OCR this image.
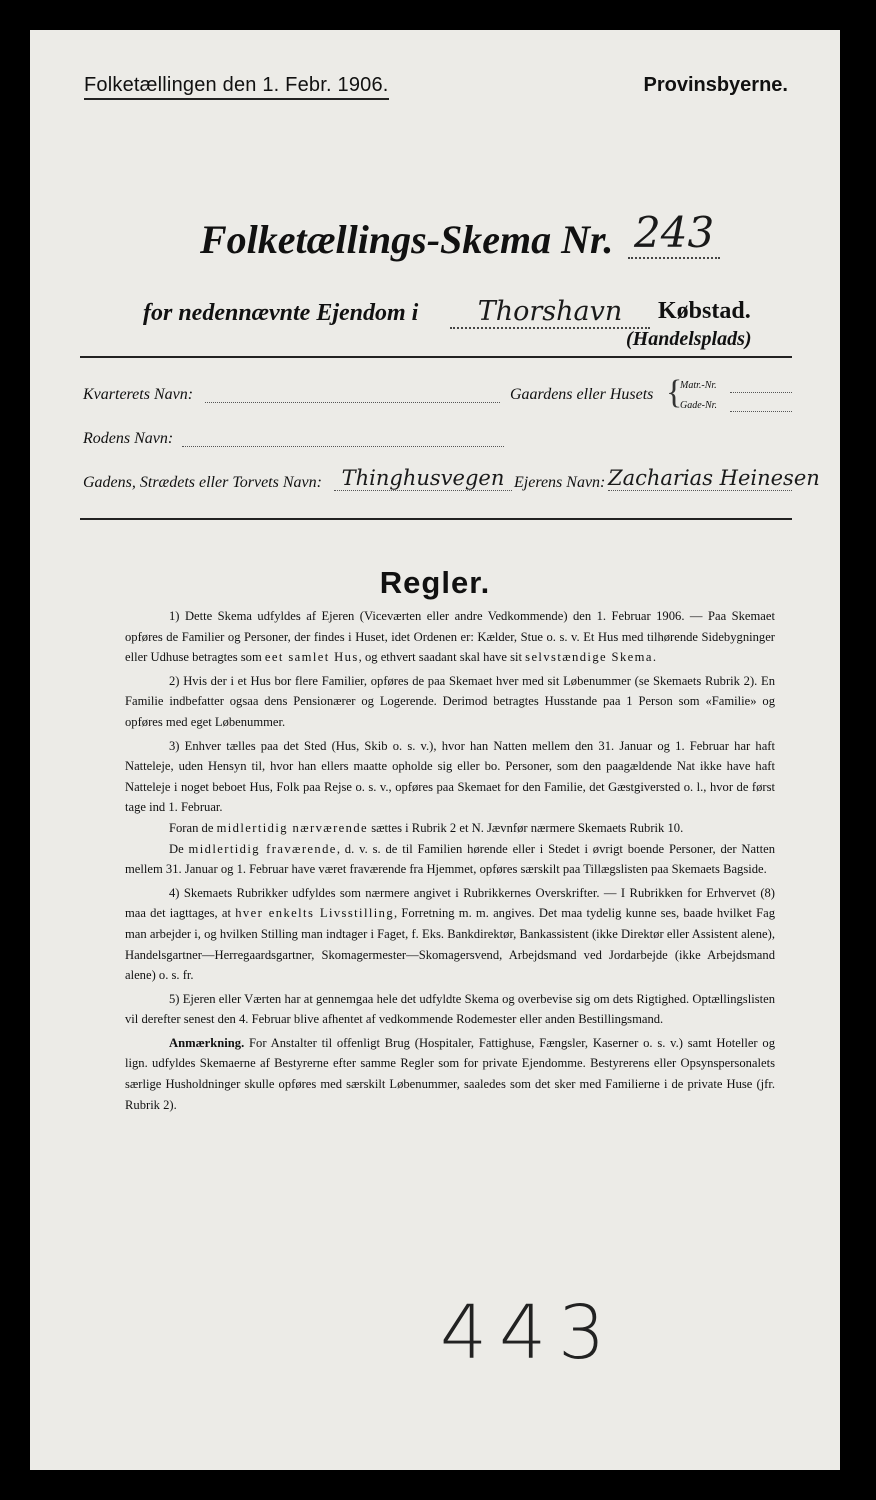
Folketællingen den 1. Febr. 1906.	Provinsbyerne.
Folketællings-Skema Nr. 243
for nedennævnte Ejendom i	Thorshavn	Købstad.
(Handelsplads)
Kvarterets Navn:	Gaardens eller Husets {
Matr.-Nr.
Gade-Nr.
Rodens Navn:
Gadens, Strædets eller Torvets Navn: Thinghusvegen Ejerens Navn: Zacharias Heinesen
Regler.

1) Dette Skema udfyldes af Ejeren (Viceværten eller andre Vedkommende) den 1. Februar 1906. — Paa Skemaet opføres de Familier og Personer, der findes i Huset, idet Ordenen er: Kælder, Stue o. s. v. Et Hus med tilhørende Sidebygninger eller Udhuse betragtes som eet samlet Hus, og ethvert saadant skal have sit selvstændige Skema.

2) Hvis der i et Hus bor flere Familier, opføres de paa Skemaet hver med sit Løbenummer (se Skemaets Rubrik 2). En Familie indbefatter ogsaa dens Pensionærer og Logerende. Derimod betragtes Husstande paa 1 Person som «Familie» og opføres med eget Løbenummer.

3) Enhver tælles paa det Sted (Hus, Skib o. s. v.), hvor han Natten mellem den 31. Januar og 1. Februar har haft Natteleje, uden Hensyn til, hvor han ellers maatte opholde sig eller bo. Personer, som den paagældende Nat ikke have haft Natteleje i noget beboet Hus, Folk paa Rejse o. s. v., opføres paa Skemaet for den Familie, det Gæstgiversted o. l., hvor de først tage ind 1. Februar.

Foran de midlertidig nærværende sættes i Rubrik 2 et N. Jævnfør nærmere Skemaets Rubrik 10.

De midlertidig fraværende, d. v. s. de til Familien hørende eller i Stedet i øvrigt boende Personer, der Natten mellem 31. Januar og 1. Februar have været fraværende fra Hjemmet, opføres særskilt paa Tillægslisten paa Skemaets Bagside.

4) Skemaets Rubrikker udfyldes som nærmere angivet i Rubrikkernes Overskrifter. — I Rubrikken for Erhvervet (8) maa det iagttages, at hver enkelts Livsstilling, Forretning m. m. angives. Det maa tydelig kunne ses, baade hvilket Fag man arbejder i, og hvilken Stilling man indtager i Faget, f. Eks. Bankdirektør, Bankassistent (ikke Direktør eller Assistent alene), Handelsgartner—Herregaardsgartner, Skomagermester—Skomagersvend, Arbejdsmand ved Jordarbejde (ikke Arbejdsmand alene) o. s. fr.

5) Ejeren eller Værten har at gennemgaa hele det udfyldte Skema og overbevise sig om dets Rigtighed. Optællingslisten vil derefter senest den 4. Februar blive afhentet af vedkommende Rodemester eller anden Bestillingsmand.

Anmærkning. For Anstalter til offenligt Brug (Hospitaler, Fattighuse, Fængsler, Kaserner o. s. v.) samt Hoteller og lign. udfyldes Skemaerne af Bestyrerne efter samme Regler som for private Ejendomme. Bestyrerens eller Opsynspersonalets særlige Husholdninger skulle opføres med særskilt Løbenummer, saaledes som det sker med Familierne i de private Huse (jfr. Rubrik 2).

443
